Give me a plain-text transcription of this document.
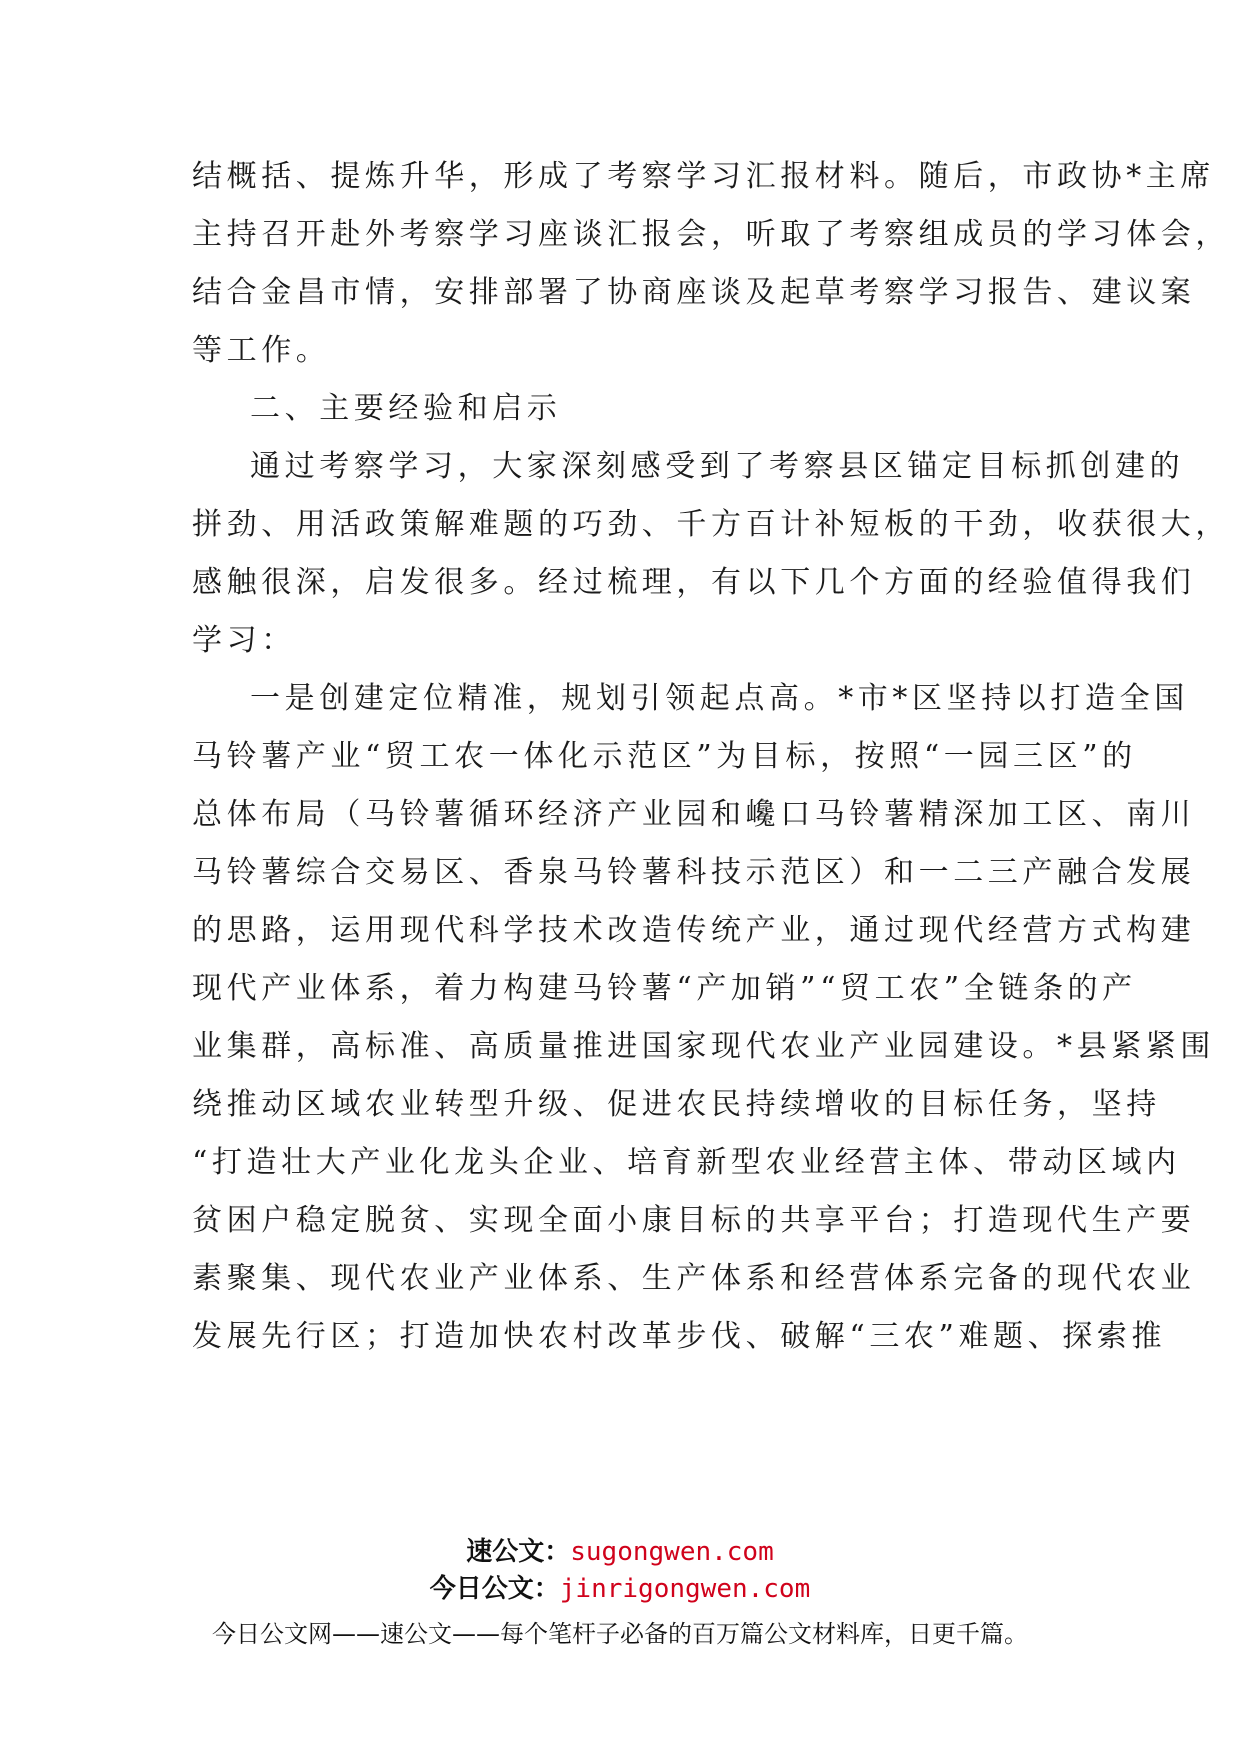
结概括、提炼升华，形成了考察学习汇报材料。随后，市政协*主席
主持召开赴外考察学习座谈汇报会，听取了考察组成员的学习体会，
结合金昌市情，安排部署了协商座谈及起草考察学习报告、建议案
等工作。
二、主要经验和启示
通过考察学习，大家深刻感受到了考察县区锚定目标抓创建的
拼劲、用活政策解难题的巧劲、千方百计补短板的干劲，收获很大，
感触很深，启发很多。经过梳理，有以下几个方面的经验值得我们
学习：
一是创建定位精准，规划引领起点高。*市*区坚持以打造全国
马铃薯产业“贸工农一体化示范区”为目标，按照“一园三区”的
总体布局（马铃薯循环经济产业园和巉口马铃薯精深加工区、南川
马铃薯综合交易区、香泉马铃薯科技示范区）和一二三产融合发展
的思路，运用现代科学技术改造传统产业，通过现代经营方式构建
现代产业体系，着力构建马铃薯“产加销”“贸工农”全链条的产
业集群，高标准、高质量推进国家现代农业产业园建设。*县紧紧围
绕推动区域农业转型升级、促进农民持续增收的目标任务，坚持
“打造壮大产业化龙头企业、培育新型农业经营主体、带动区域内
贫困户稳定脱贫、实现全面小康目标的共享平台；打造现代生产要
素聚集、现代农业产业体系、生产体系和经营体系完备的现代农业
发展先行区；打造加快农村改革步伐、破解“三农”难题、探索推
速公文：sugongwen.com
今日公文：jinrigongwen.com
今日公文网——速公文——每个笔杆子必备的百万篇公文材料库，日更千篇。
